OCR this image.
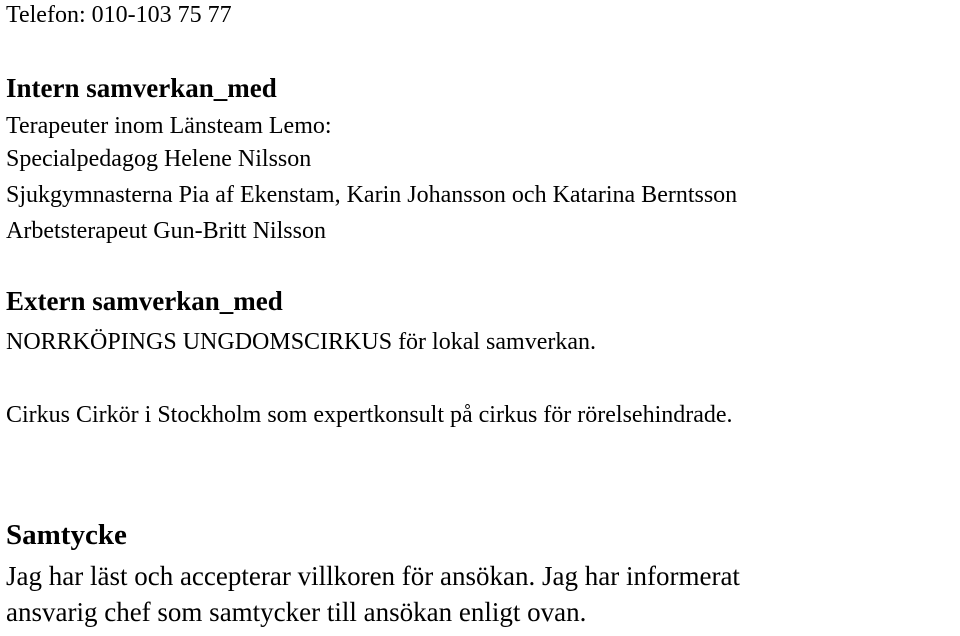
Telefon: 010-103 75 77
Intern samverkan_med
Terapeuter inom Länsteam Lemo:
Specialpedagog Helene Nilsson
Sjukgymnasterna Pia af Ekenstam, Karin Johansson och Katarina Berntsson
Arbetsterapeut Gun-Britt Nilsson
Extern samverkan_med
NORRKÖPINGS UNGDOMSCIRKUS för lokal samverkan.
Cirkus Cirkör i Stockholm som expertkonsult på cirkus för rörelsehindrade.
Samtycke
Jag har läst och accepterar villkoren för ansökan. Jag har informerat
ansvarig chef som samtycker till ansökan enligt ovan.
